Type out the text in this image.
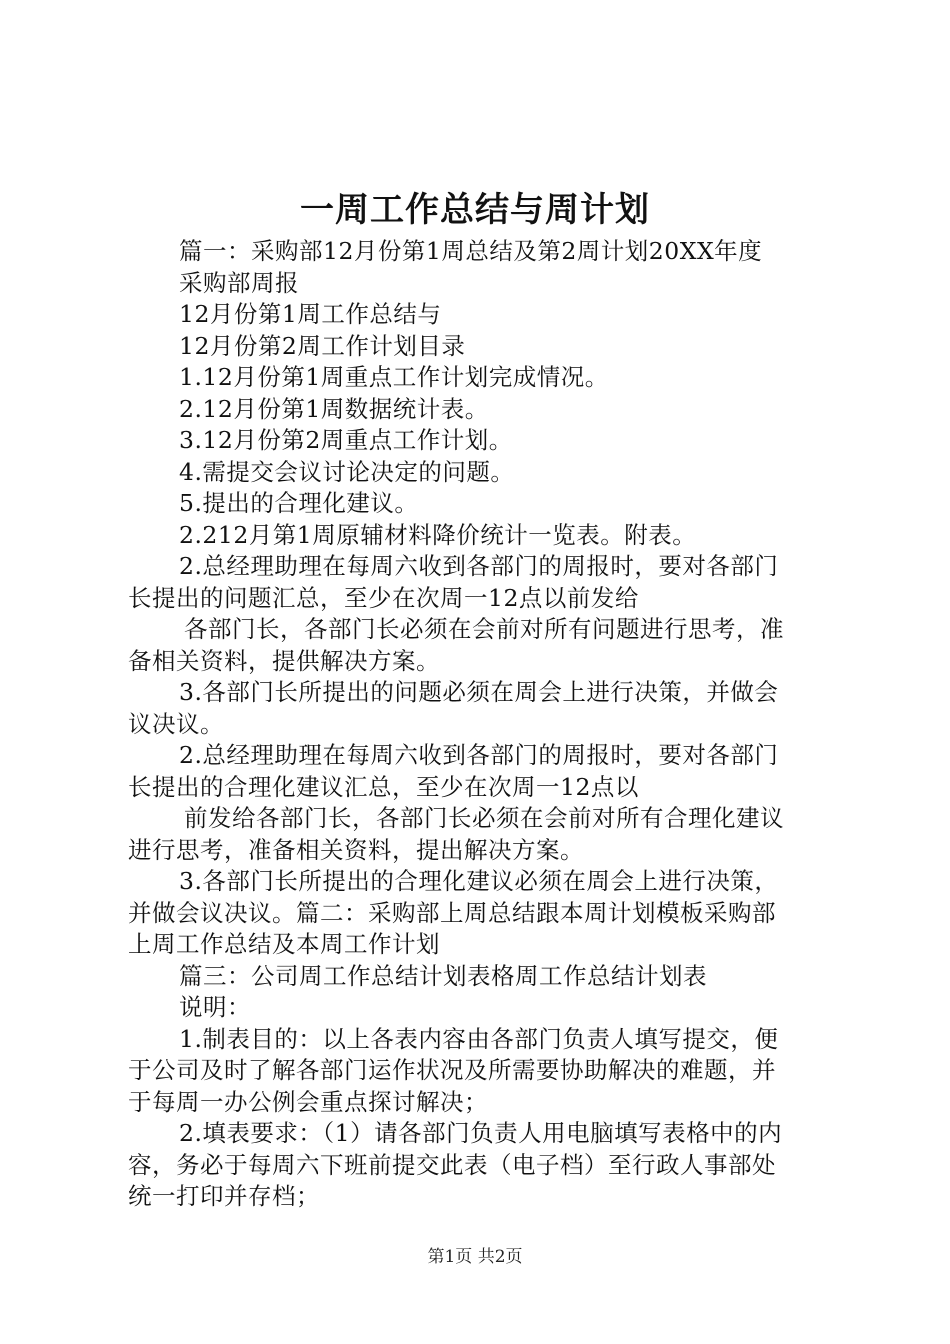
一周工作总结与周计划

篇一：采购部12月份第1周总结及第2周计划20XX年度

采购部周报

12月份第1周工作总结与

12月份第2周工作计划目录

1.12月份第1周重点工作计划完成情况。

2.12月份第1周数据统计表。

3.12月份第2周重点工作计划。

4.需提交会议讨论决定的问题。

5.提出的合理化建议。

2.212月第1周原辅材料降价统计一览表。附表。

2.总经理助理在每周六收到各部门的周报时，要对各部门

长提出的问题汇总，至少在次周一12点以前发给

各部门长，各部门长必须在会前对所有问题进行思考，准

备相关资料，提供解决方案。

3.各部门长所提出的问题必须在周会上进行决策，并做会

议决议。

2.总经理助理在每周六收到各部门的周报时，要对各部门

长提出的合理化建议汇总，至少在次周一12点以

前发给各部门长，各部门长必须在会前对所有合理化建议

进行思考，准备相关资料，提出解决方案。

3.各部门长所提出的合理化建议必须在周会上进行决策，

并做会议决议。篇二：采购部上周总结跟本周计划模板采购部

上周工作总结及本周工作计划

篇三：公司周工作总结计划表格周工作总结计划表

说明：

1.制表目的：以上各表内容由各部门负责人填写提交，便

于公司及时了解各部门运作状况及所需要协助解决的难题，并

于每周一办公例会重点探讨解决；

2.填表要求：（1）请各部门负责人用电脑填写表格中的内

容，务必于每周六下班前提交此表（电子档）至行政人事部处

统一打印并存档；

第1页 共2页
